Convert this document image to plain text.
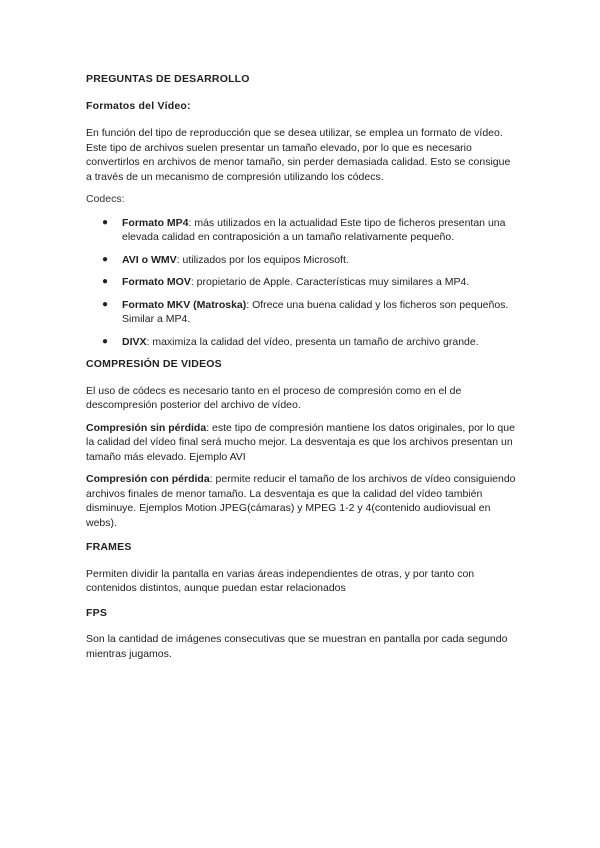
PREGUNTAS DE DESARROLLO

Formatos del Vídeo:

En función del tipo de reproducción que se desea utilizar, se emplea un formato de vídeo. Este tipo de archivos suelen presentar un tamaño elevado, por lo que es necesario convertirlos en archivos de menor tamaño, sin perder demasiada calidad. Esto se consigue a través de un mecanismo de compresión utilizando los códecs.

Codecs:

● Formato MP4: más utilizados en la actualidad Este tipo de ficheros presentan una elevada calidad en contraposición a un tamaño relativamente pequeño.
● AVI o WMV: utilizados por los equipos Microsoft.
● Formato MOV: propietario de Apple. Características muy similares a MP4.
● Formato MKV (Matroska): Ofrece una buena calidad y los ficheros son pequeños. Similar a MP4.
● DIVX: maximiza la calidad del vídeo, presenta un tamaño de archivo grande.

COMPRESIÓN DE VIDEOS

El uso de códecs es necesario tanto en el proceso de compresión como en el de descompresión posterior del archivo de vídeo.

Compresión sin pérdida: este tipo de compresión mantiene los datos originales, por lo que la calidad del vídeo final será mucho mejor. La desventaja es que los archivos presentan un tamaño más elevado. Ejemplo AVI

Compresión con pérdida: permite reducir el tamaño de los archivos de vídeo consiguiendo archivos finales de menor tamaño. La desventaja es que la calidad del vídeo también disminuye. Ejemplos Motion JPEG(cámaras) y MPEG 1-2 y 4(contenido audiovisual en webs).

FRAMES

Permiten dividir la pantalla en varias áreas independientes de otras, y por tanto con contenidos distintos, aunque puedan estar relacionados

FPS

Son la cantidad de imágenes consecutivas que se muestran en pantalla por cada segundo mientras jugamos.
